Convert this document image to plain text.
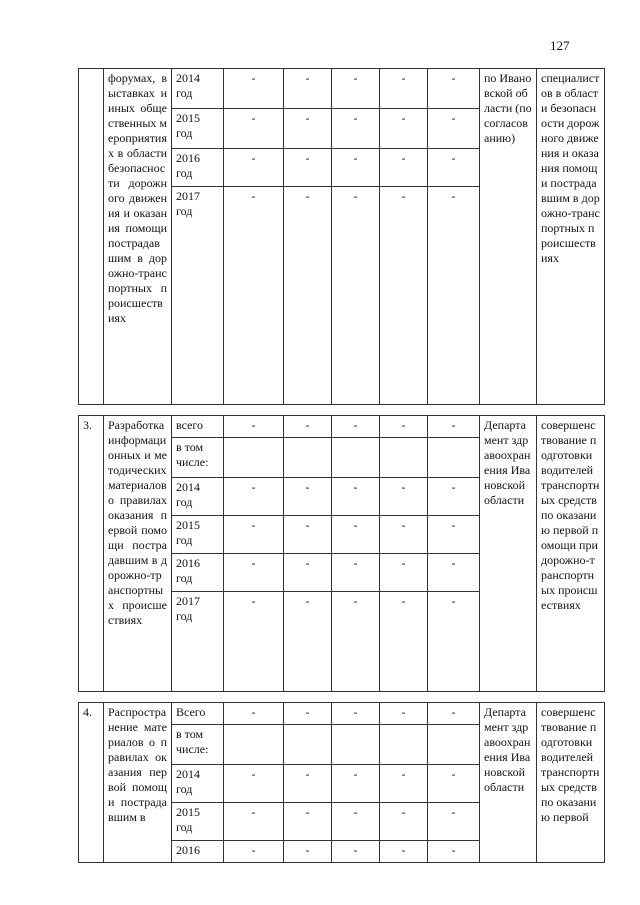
127
	форумах, выставках и иных общественных мероприятиях в области безопасности дорожного движения и оказания помощи пострадавшим в дорожно-транспортных происшествиях	2014 год	-	-	-	-	-	по Ивановской области (по согласованию)	специалистов в области безопасности дорожного движения и оказания помощи пострадавшим в дорожно-транспортных происшествиях
		2015 год	-	-	-	-	-		
		2016 год	-	-	-	-	-		
		2017 год	-	-	-	-	-		

3.	Разработка информационных и методических материалов о правилах оказания первой помощи пострадавшим в дорожно-транспортных происшествиях	всего	-	-	-	-	-	Департамент здравоохранения Ивановской области	совершенствование подготовки водителей транспортных средств по оказанию первой помощи при дорожно-транспортных происшествиях
		в том числе:							
		2014 год	-	-	-	-	-		
		2015 год	-	-	-	-	-		
		2016 год	-	-	-	-	-		
		2017 год	-	-	-	-	-		

4.	Распространение материалов о правилах оказания первой помощи пострадавшим в	Всего	-	-	-	-	-	Департамент здравоохранения Ивановской области	совершенствование подготовки водителей транспортных средств по оказанию первой
		в том числе:							
		2014 год	-	-	-	-	-		
		2015 год	-	-	-	-	-		
		2016	-	-	-	-	-		
